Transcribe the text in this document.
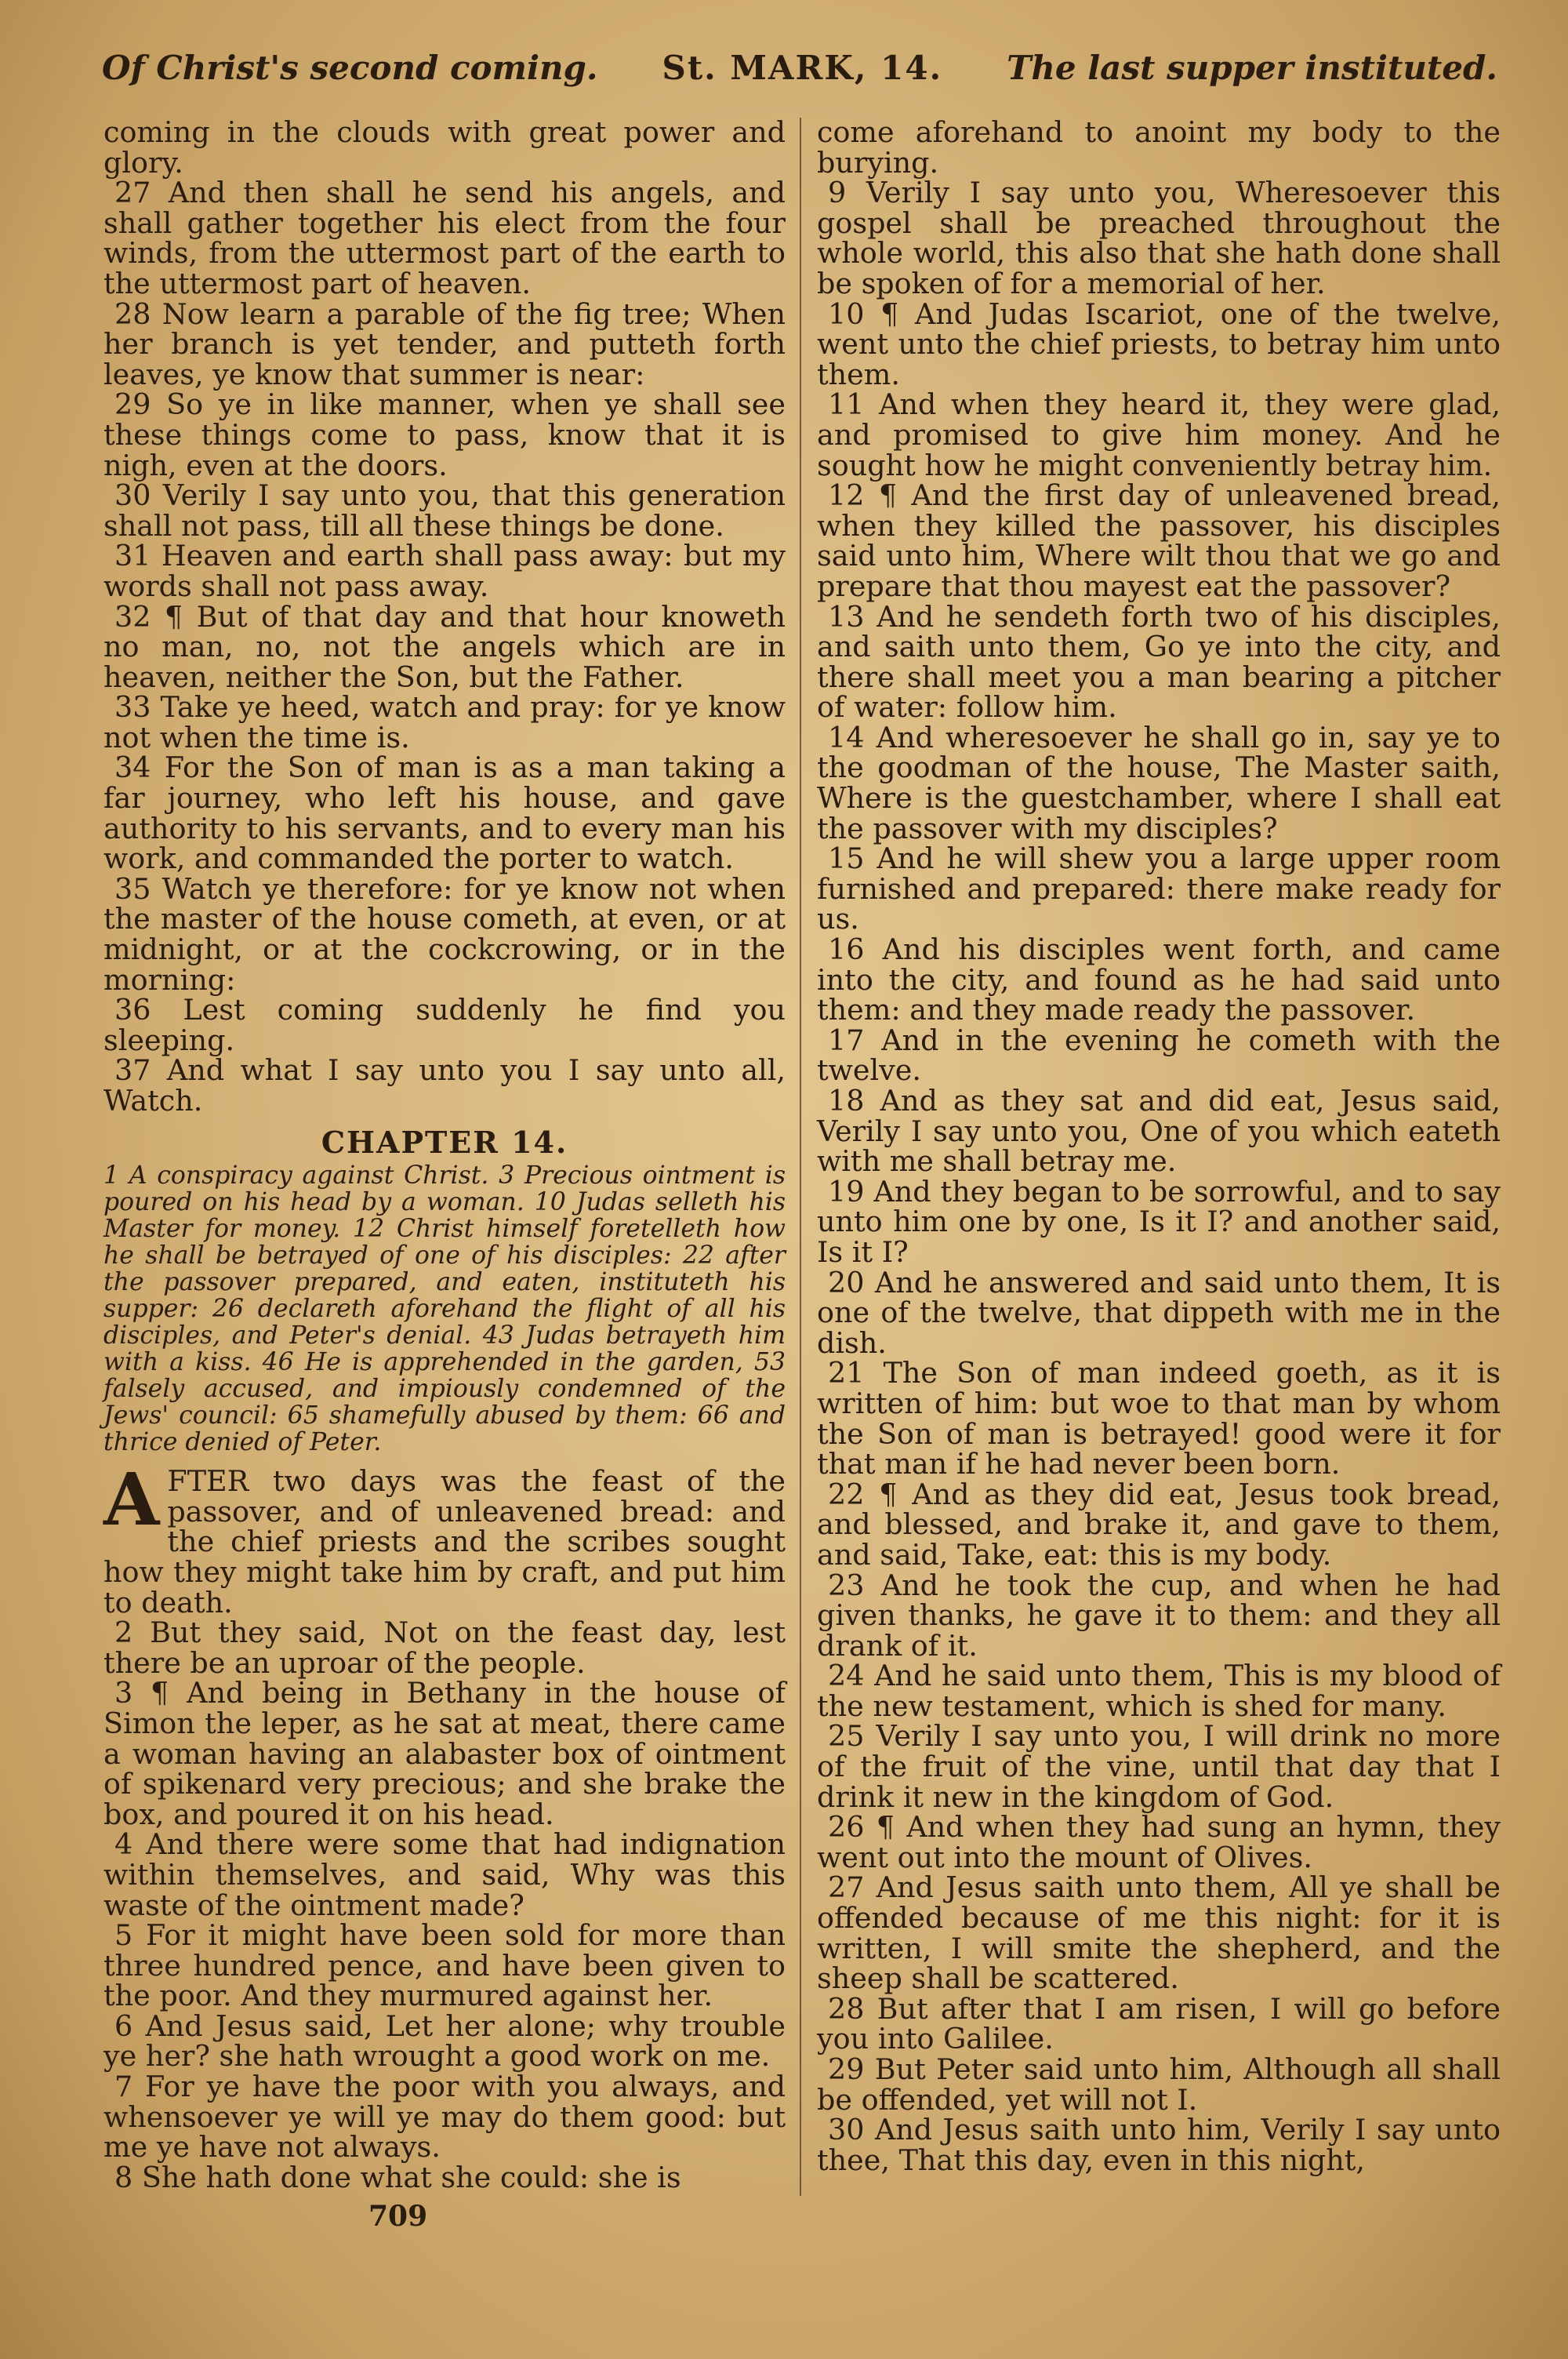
Of Christ's second coming. St. MARK, 14. The last supper instituted.

coming in the clouds with great power and glory.

27 And then shall he send his angels, and shall gather together his elect from the four winds, from the uttermost part of the earth to the uttermost part of heaven.

28 Now learn a parable of the fig tree; When her branch is yet tender, and putteth forth leaves, ye know that summer is near:

29 So ye in like manner, when ye shall see these things come to pass, know that it is nigh, even at the doors.

30 Verily I say unto you, that this generation shall not pass, till all these things be done.

31 Heaven and earth shall pass away: but my words shall not pass away.

32 ¶ But of that day and that hour knoweth no man, no, not the angels which are in heaven, neither the Son, but the Father.

33 Take ye heed, watch and pray: for ye know not when the time is.

34 For the Son of man is as a man taking a far journey, who left his house, and gave authority to his servants, and to every man his work, and commanded the porter to watch.

35 Watch ye therefore: for ye know not when the master of the house cometh, at even, or at midnight, or at the cockcrowing, or in the morning:

36 Lest coming suddenly he find you sleeping.

37 And what I say unto you I say unto all, Watch.

CHAPTER 14.

1 A conspiracy against Christ. 3 Precious ointment is poured on his head by a woman. 10 Judas selleth his Master for money. 12 Christ himself foretelleth how he shall be betrayed of one of his disciples: 22 after the passover prepared, and eaten, instituteth his supper: 26 declareth aforehand the flight of all his disciples, and Peter's denial. 43 Judas betrayeth him with a kiss. 46 He is apprehended in the garden, 53 falsely accused, and impiously condemned of the Jews' council: 65 shamefully abused by them: 66 and thrice denied of Peter.

AFTER two days was the feast of the passover, and of unleavened bread: and the chief priests and the scribes sought how they might take him by craft, and put him to death.

2 But they said, Not on the feast day, lest there be an uproar of the people.

3 ¶ And being in Bethany in the house of Simon the leper, as he sat at meat, there came a woman having an alabaster box of ointment of spikenard very precious; and she brake the box, and poured it on his head.

4 And there were some that had indignation within themselves, and said, Why was this waste of the ointment made?

5 For it might have been sold for more than three hundred pence, and have been given to the poor. And they murmured against her.

6 And Jesus said, Let her alone; why trouble ye her? she hath wrought a good work on me.

7 For ye have the poor with you always, and whensoever ye will ye may do them good: but me ye have not always.

8 She hath done what she could: she is

come aforehand to anoint my body to the burying.

9 Verily I say unto you, Wheresoever this gospel shall be preached throughout the whole world, this also that she hath done shall be spoken of for a memorial of her.

10 ¶ And Judas Iscariot, one of the twelve, went unto the chief priests, to betray him unto them.

11 And when they heard it, they were glad, and promised to give him money. And he sought how he might conveniently betray him.

12 ¶ And the first day of unleavened bread, when they killed the passover, his disciples said unto him, Where wilt thou that we go and prepare that thou mayest eat the passover?

13 And he sendeth forth two of his disciples, and saith unto them, Go ye into the city, and there shall meet you a man bearing a pitcher of water: follow him.

14 And wheresoever he shall go in, say ye to the goodman of the house, The Master saith, Where is the guestchamber, where I shall eat the passover with my disciples?

15 And he will shew you a large upper room furnished and prepared: there make ready for us.

16 And his disciples went forth, and came into the city, and found as he had said unto them: and they made ready the passover.

17 And in the evening he cometh with the twelve.

18 And as they sat and did eat, Jesus said, Verily I say unto you, One of you which eateth with me shall betray me.

19 And they began to be sorrowful, and to say unto him one by one, Is it I? and another said, Is it I?

20 And he answered and said unto them, It is one of the twelve, that dippeth with me in the dish.

21 The Son of man indeed goeth, as it is written of him: but woe to that man by whom the Son of man is betrayed! good were it for that man if he had never been born.

22 ¶ And as they did eat, Jesus took bread, and blessed, and brake it, and gave to them, and said, Take, eat: this is my body.

23 And he took the cup, and when he had given thanks, he gave it to them: and they all drank of it.

24 And he said unto them, This is my blood of the new testament, which is shed for many.

25 Verily I say unto you, I will drink no more of the fruit of the vine, until that day that I drink it new in the kingdom of God.

26 ¶ And when they had sung an hymn, they went out into the mount of Olives.

27 And Jesus saith unto them, All ye shall be offended because of me this night: for it is written, I will smite the shepherd, and the sheep shall be scattered.

28 But after that I am risen, I will go before you into Galilee.

29 But Peter said unto him, Although all shall be offended, yet will not I.

30 And Jesus saith unto him, Verily I say unto thee, That this day, even in this night,

709
